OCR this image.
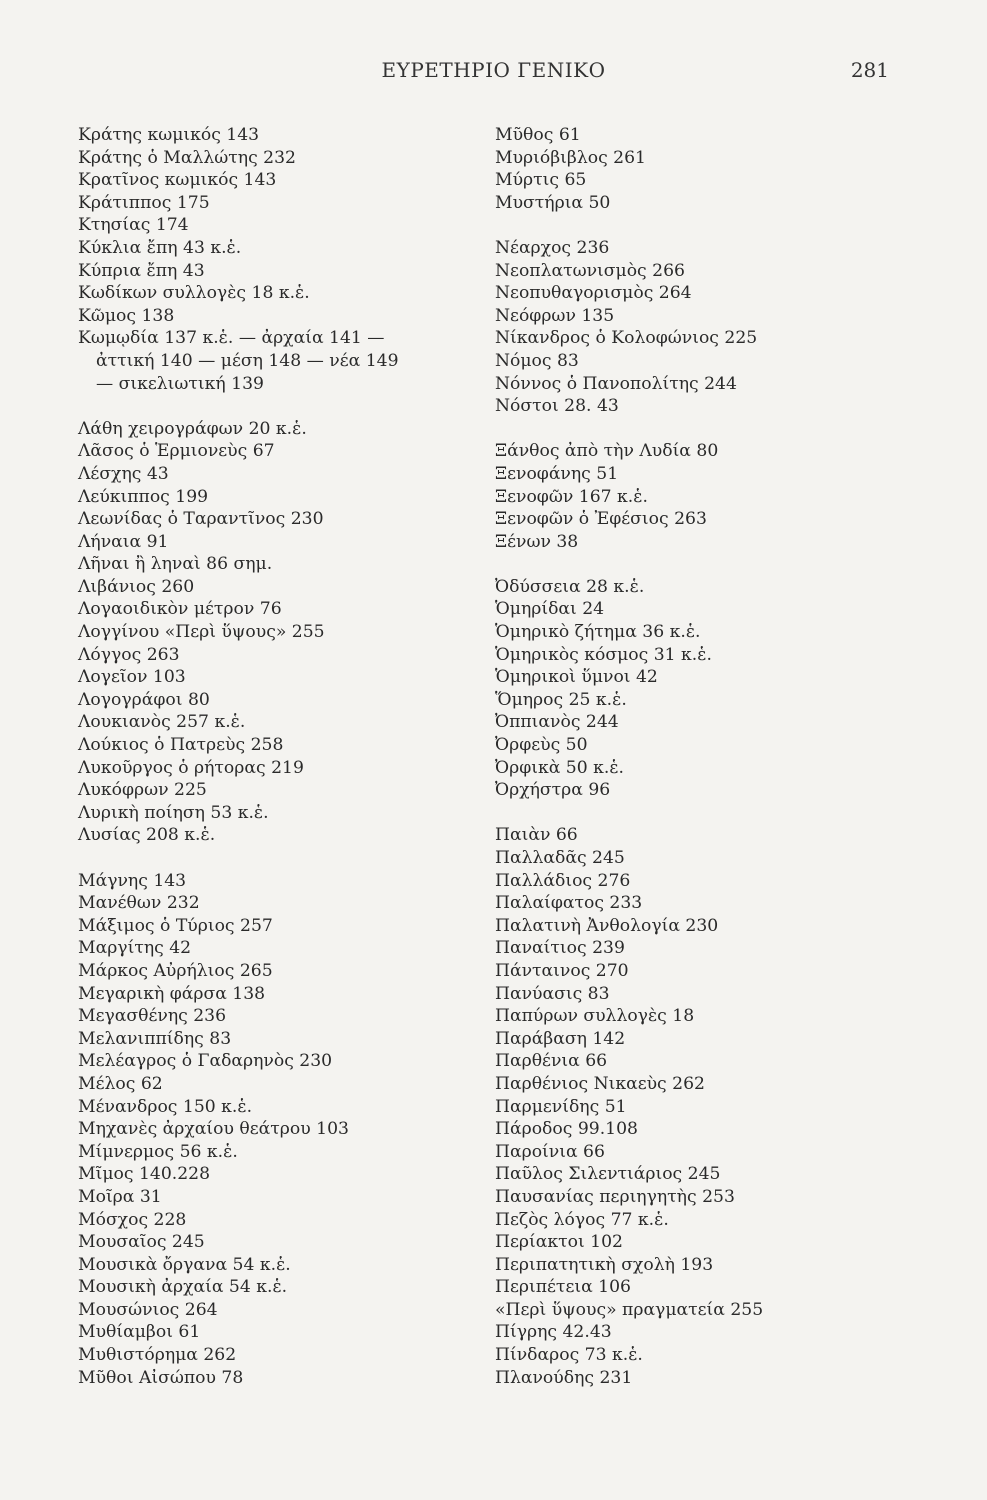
ΕΥΡΕΤΗΡΙΟ ΓΕΝΙΚΟ	281
Κράτης κωμικός 143
Κράτης ὁ Μαλλώτης 232
Κρατῖνος κωμικός 143
Κράτιππος 175
Κτησίας 174
Κύκλια ἔπη 43 κ.ἑ.
Κύπρια ἔπη 43
Κωδίκων συλλογὲς 18 κ.ἑ.
Κῶμος 138
Κωμῳδία 137 κ.ἑ. — ἀρχαία 141 —
ἀττική 140 — μέση 148 — νέα 149
— σικελιωτική 139
Λάθη χειρογράφων 20 κ.ἑ.
Λᾶσος ὁ Ἑρμιονεὺς 67
Λέσχης 43
Λεύκιππος 199
Λεωνίδας ὁ Ταραντῖνος 230
Λήναια 91
Λῆναι ἢ ληναὶ 86 σημ.
Λιβάνιος 260
Λογαοιδικὸν μέτρον 76
Λογγίνου «Περὶ ὕψους» 255
Λόγγος 263
Λογεῖον 103
Λογογράφοι 80
Λουκιανὸς 257 κ.ἑ.
Λούκιος ὁ Πατρεὺς 258
Λυκοῦργος ὁ ρήτορας 219
Λυκόφρων 225
Λυρικὴ ποίηση 53 κ.ἑ.
Λυσίας 208 κ.ἑ.
Μάγνης 143
Μανέθων 232
Μάξιμος ὁ Τύριος 257
Μαργίτης 42
Μάρκος Αὐρήλιος 265
Μεγαρικὴ φάρσα 138
Μεγασθένης 236
Μελανιππίδης 83
Μελέαγρος ὁ Γαδαρηνὸς 230
Μέλος 62
Μένανδρος 150 κ.ἑ.
Μηχανὲς ἀρχαίου θεάτρου 103
Μίμνερμος 56 κ.ἑ.
Μῖμος 140.228
Μοῖρα 31
Μόσχος 228
Μουσαῖος 245
Μουσικὰ ὄργανα 54 κ.ἑ.
Μουσικὴ ἀρχαία 54 κ.ἑ.
Μουσώνιος 264
Μυθίαμβοι 61
Μυθιστόρημα 262
Μῦθοι Αἰσώπου 78
Μῦθος 61
Μυριόβιβλος 261
Μύρτις 65
Μυστήρια 50
Νέαρχος 236
Νεοπλατωνισμὸς 266
Νεοπυθαγορισμὸς 264
Νεόφρων 135
Νίκανδρος ὁ Κολοφώνιος 225
Νόμος 83
Νόννος ὁ Πανοπολίτης 244
Νόστοι 28. 43
Ξάνθος ἀπὸ τὴν Λυδία 80
Ξενοφάνης 51
Ξενοφῶν 167 κ.ἑ.
Ξενοφῶν ὁ Ἐφέσιος 263
Ξένων 38
Ὀδύσσεια 28 κ.ἑ.
Ὁμηρίδαι 24
Ὁμηρικὸ ζήτημα 36 κ.ἑ.
Ὁμηρικὸς κόσμος 31 κ.ἑ.
Ὁμηρικοὶ ὕμνοι 42
Ὅμηρος 25 κ.ἑ.
Ὀππιανὸς 244
Ὀρφεὺς 50
Ὀρφικὰ 50 κ.ἑ.
Ὀρχήστρα 96
Παιὰν 66
Παλλαδᾶς 245
Παλλάδιος 276
Παλαίφατος 233
Παλατινὴ Ἀνθολογία 230
Παναίτιος 239
Πάνταινος 270
Πανύασις 83
Παπύρων συλλογὲς 18
Παράβαση 142
Παρθένια 66
Παρθένιος Νικαεὺς 262
Παρμενίδης 51
Πάροδος 99.108
Παροίνια 66
Παῦλος Σιλεντιάριος 245
Παυσανίας περιηγητὴς 253
Πεζὸς λόγος 77 κ.ἑ.
Περίακτοι 102
Περιπατητικὴ σχολὴ 193
Περιπέτεια 106
«Περὶ ὕψους» πραγματεία 255
Πίγρης 42.43
Πίνδαρος 73 κ.ἑ.
Πλανούδης 231
